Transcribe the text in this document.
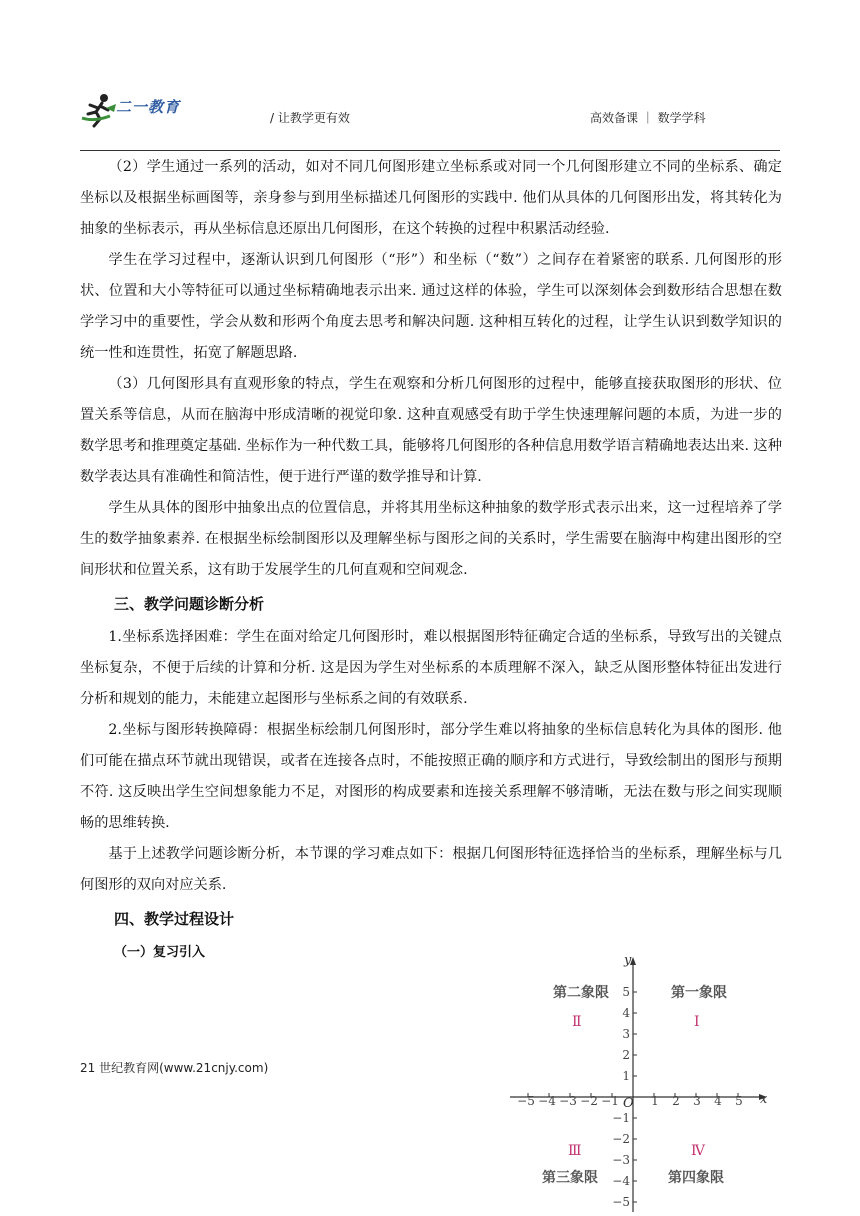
二一教育
/ 让教学更有效	高效备课 ｜ 数学学科

（2）学生通过一系列的活动，如对不同几何图形建立坐标系或对同一个几何图形建立不同的坐标系、确定坐标以及根据坐标画图等，亲身参与到用坐标描述几何图形的实践中. 他们从具体的几何图形出发，将其转化为抽象的坐标表示，再从坐标信息还原出几何图形，在这个转换的过程中积累活动经验.

学生在学习过程中，逐渐认识到几何图形（“形”）和坐标（“数”）之间存在着紧密的联系. 几何图形的形状、位置和大小等特征可以通过坐标精确地表示出来. 通过这样的体验，学生可以深刻体会到数形结合思想在数学学习中的重要性，学会从数和形两个角度去思考和解决问题. 这种相互转化的过程，让学生认识到数学知识的统一性和连贯性，拓宽了解题思路.

（3）几何图形具有直观形象的特点，学生在观察和分析几何图形的过程中，能够直接获取图形的形状、位置关系等信息，从而在脑海中形成清晰的视觉印象. 这种直观感受有助于学生快速理解问题的本质，为进一步的数学思考和推理奠定基础. 坐标作为一种代数工具，能够将几何图形的各种信息用数学语言精确地表达出来. 这种数学表达具有准确性和简洁性，便于进行严谨的数学推导和计算.

学生从具体的图形中抽象出点的位置信息，并将其用坐标这种抽象的数学形式表示出来，这一过程培养了学生的数学抽象素养. 在根据坐标绘制图形以及理解坐标与图形之间的关系时，学生需要在脑海中构建出图形的空间形状和位置关系，这有助于发展学生的几何直观和空间观念.

三、教学问题诊断分析

1.坐标系选择困难：学生在面对给定几何图形时，难以根据图形特征确定合适的坐标系，导致写出的关键点坐标复杂，不便于后续的计算和分析. 这是因为学生对坐标系的本质理解不深入，缺乏从图形整体特征出发进行分析和规划的能力，未能建立起图形与坐标系之间的有效联系.

2.坐标与图形转换障碍：根据坐标绘制几何图形时，部分学生难以将抽象的坐标信息转化为具体的图形. 他们可能在描点环节就出现错误，或者在连接各点时，不能按照正确的顺序和方式进行，导致绘制出的图形与预期不符. 这反映出学生空间想象能力不足，对图形的构成要素和连接关系理解不够清晰，无法在数与形之间实现顺畅的思维转换.

基于上述教学问题诊断分析，本节课的学习难点如下：根据几何图形特征选择恰当的坐标系，理解坐标与几何图形的双向对应关系.

四、教学过程设计

（一）复习引入

21 世纪教育网(www.21cnjy.com)
x
y
O
−5 −4 −3 −2 −1	1 2 3 4 5
5
4
3
2
1
−1
−2
−3
−4
−5
第二象限	第一象限
第三象限	第四象限
Ⅱ	Ⅰ
Ⅲ	Ⅳ
